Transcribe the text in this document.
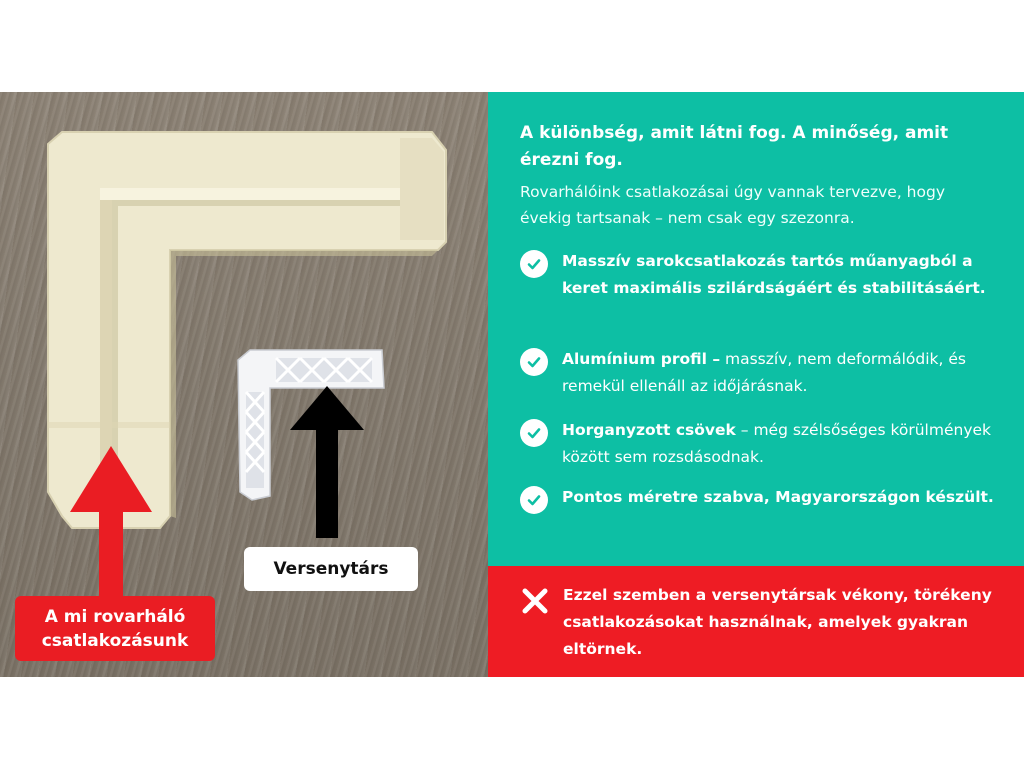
A mi rovarháló
csatlakozásunk
Versenytárs
A különbség, amit látni fog. A minőség, amit érezni fog.
Rovarhálóink csatlakozásai úgy vannak tervezve, hogy évekig tartsanak – nem csak egy szezonra.
Masszív sarokcsatlakozás tartós műanyagból a keret maximális szilárdságáért és stabilitásáért.
Alumínium profil – masszív, nem deformálódik, és remekül ellenáll az időjárásnak.
Horganyzott csövek – még szélsőséges körülmények között sem rozsdásodnak.
Pontos méretre szabva, Magyarországon készült.
Ezzel szemben a versenytársak vékony, törékeny csatlakozásokat használnak, amelyek gyakran eltörnek.
